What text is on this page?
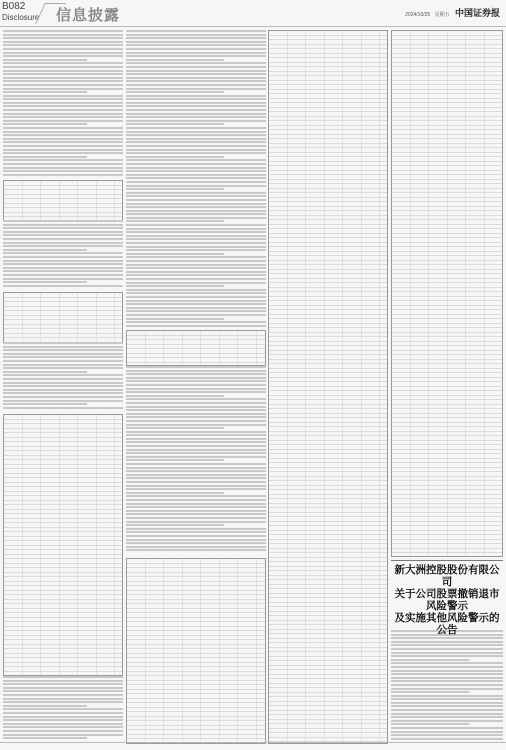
B082
Disclosure 信息披露	2024/10/25 星期五 中国证券报
新大洲控股股份有限公司
关于公司股票撤销退市风险警示
及实施其他风险警示的公告
